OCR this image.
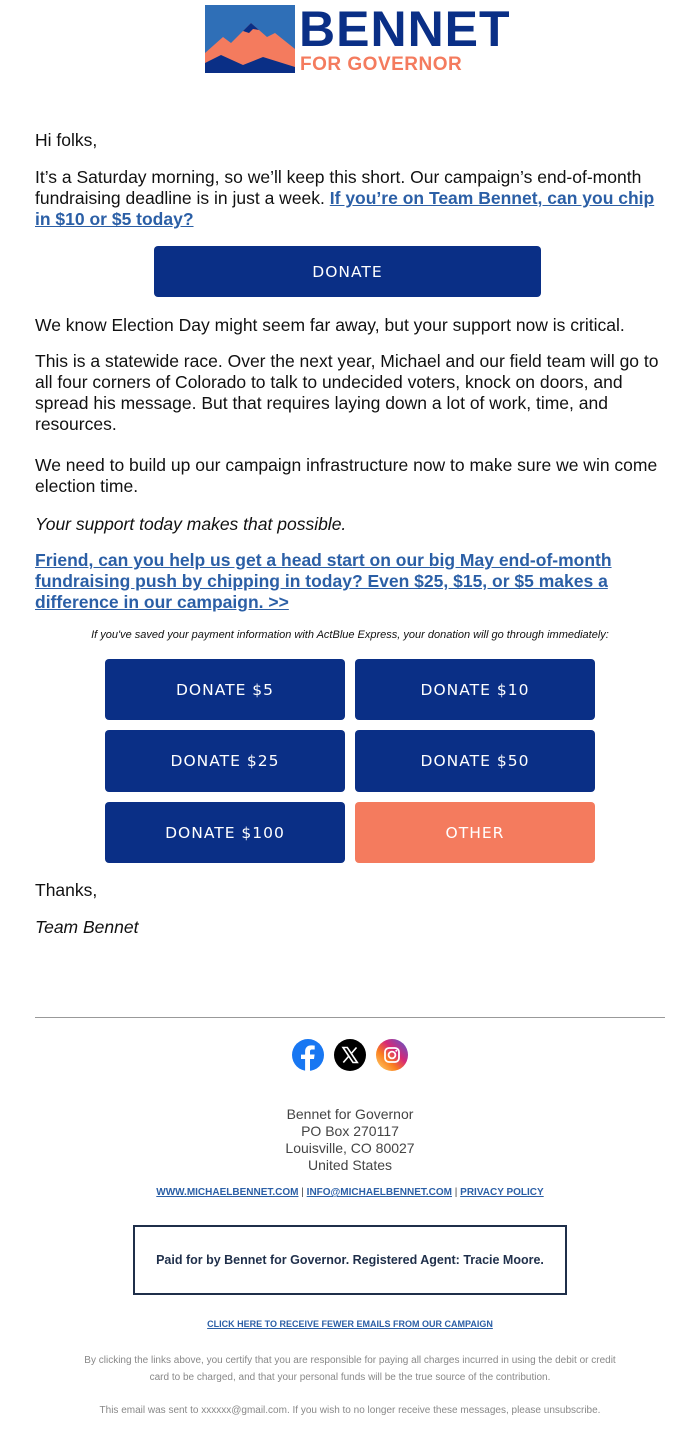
BENNET
FOR GOVERNOR
Hi folks,
It’s a Saturday morning, so we’ll keep this short. Our campaign’s end-of-month fundraising deadline is in just a week. If you’re on Team Bennet, can you chip in $10 or $5 today?
DONATE
We know Election Day might seem far away, but your support now is critical.
This is a statewide race. Over the next year, Michael and our field team will go to all four corners of Colorado to talk to undecided voters, knock on doors, and spread his message. But that requires laying down a lot of work, time, and resources.
We need to build up our campaign infrastructure now to make sure we win come election time.
Your support today makes that possible.
Friend, can you help us get a head start on our big May end-of-month fundraising push by chipping in today? Even $25, $15, or $5 makes a difference in our campaign. >>
If you've saved your payment information with ActBlue Express, your donation will go through immediately:
DONATE $5	DONATE $10
DONATE $25	DONATE $50
DONATE $100	OTHER
Thanks,
Team Bennet
Bennet for Governor
PO Box 270117
Louisville, CO 80027
United States
WWW.MICHAELBENNET.COM | INFO@MICHAELBENNET.COM | PRIVACY POLICY
Paid for by Bennet for Governor. Registered Agent: Tracie Moore.
CLICK HERE TO RECEIVE FEWER EMAILS FROM OUR CAMPAIGN
By clicking the links above, you certify that you are responsible for paying all charges incurred in using the debit or credit card to be charged, and that your personal funds will be the true source of the contribution.
This email was sent to xxxxxx@gmail.com. If you wish to no longer receive these messages, please unsubscribe.
